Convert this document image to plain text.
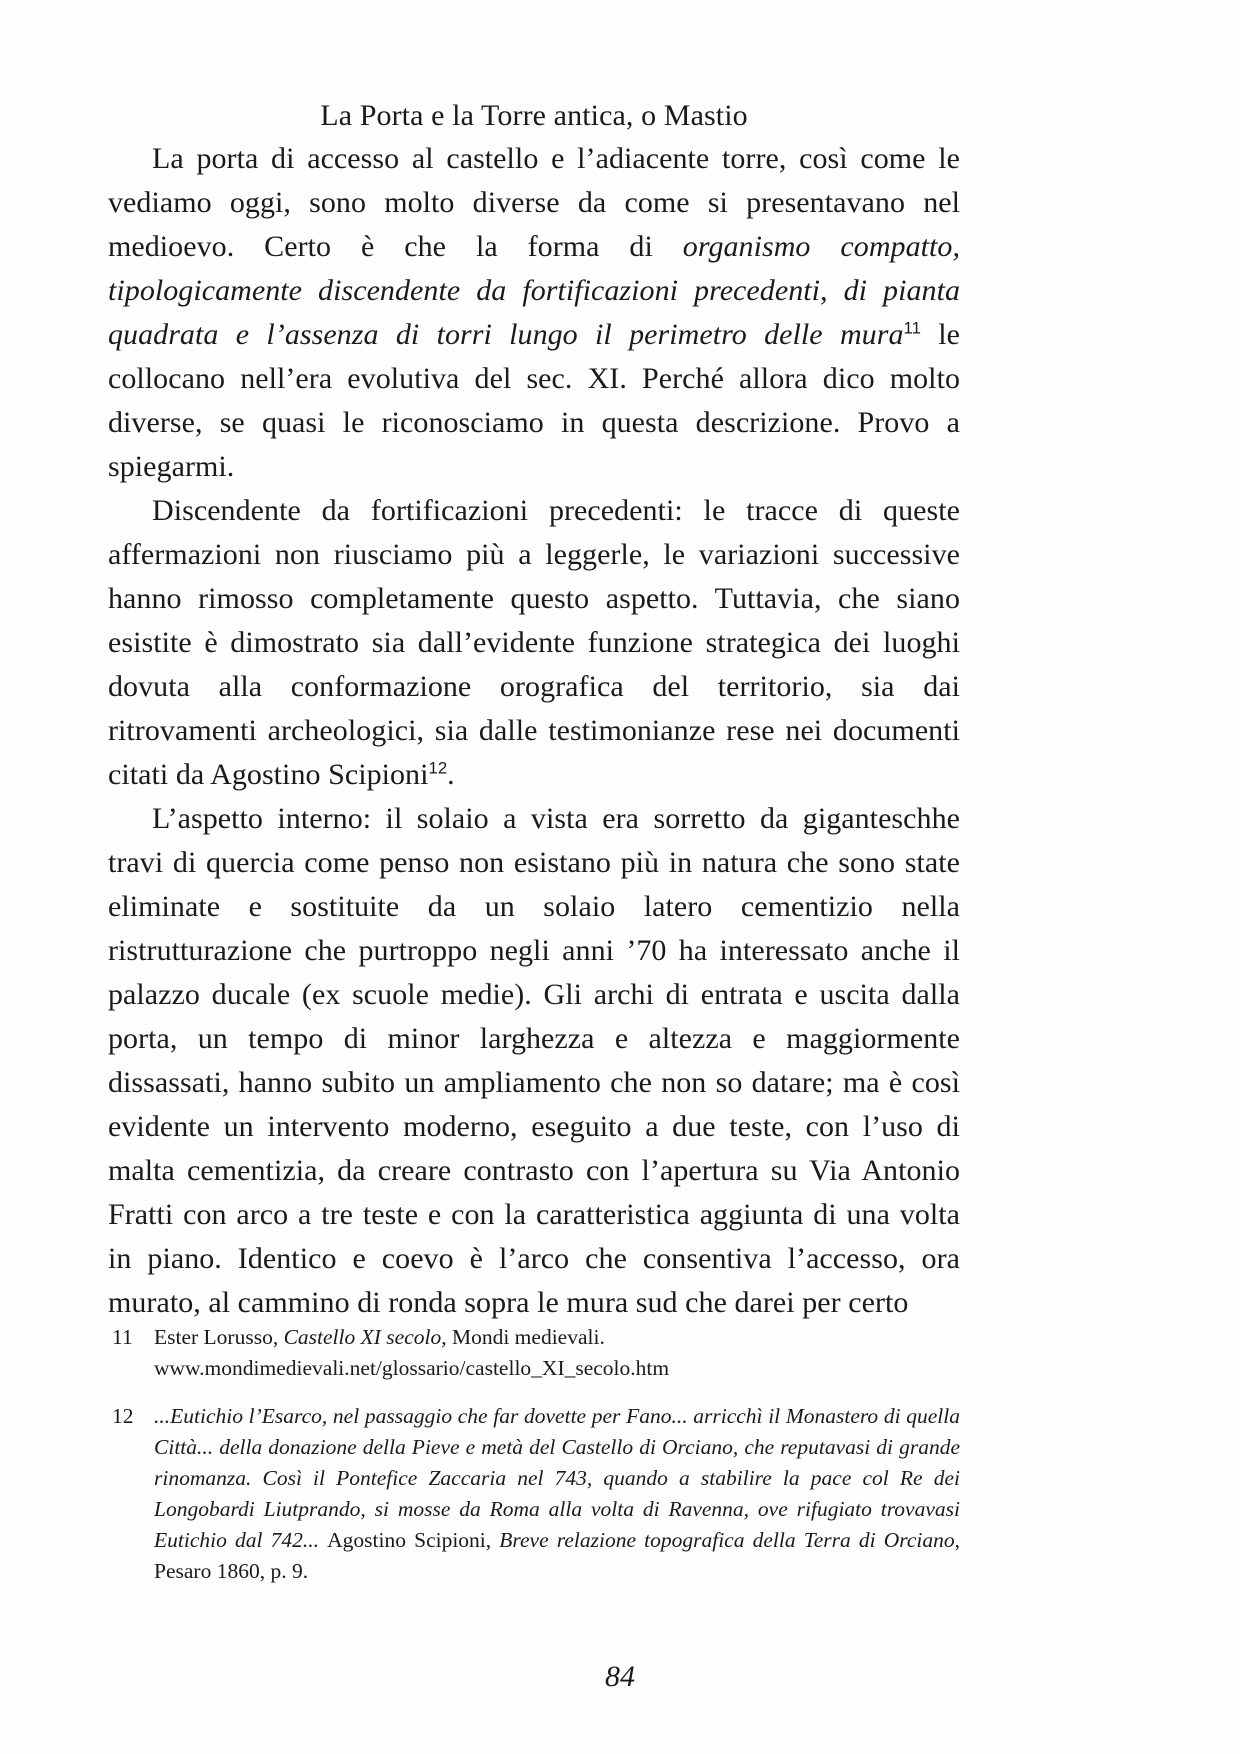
La Porta e la Torre antica, o Mastio

La porta di accesso al castello e l’adiacente torre, così come le vediamo oggi, sono molto diverse da come si presentavano nel medioevo. Certo è che la forma di organismo compatto, tipologicamente discendente da fortificazioni precedenti, di pianta quadrata e l’assenza di torri lungo il perimetro delle mura$^{11}$ le collocano nell’era evolutiva del sec. XI. Perché allora dico molto diverse, se quasi le riconosciamo in questa descrizione. Provo a spiegarmi.

Discendente da fortificazioni precedenti: le tracce di queste affermazioni non riusciamo più a leggerle, le variazioni successive hanno rimosso completamente questo aspetto. Tuttavia, che siano esistite è dimostrato sia dall’evidente funzione strategica dei luoghi dovuta alla conformazione orografica del territorio, sia dai ritrovamenti archeologici, sia dalle testimonianze rese nei documenti citati da Agostino Scipioni$^{12}$.

L’aspetto interno: il solaio a vista era sorretto da giganteschhe travi di quercia come penso non esistano più in natura che sono state eliminate e sostituite da un solaio latero cementizio nella ristrutturazione che purtroppo negli anni ’70 ha interessato anche il palazzo ducale (ex scuole medie). Gli archi di entrata e uscita dalla porta, un tempo di minor larghezza e altezza e maggiormente dissassati, hanno subito un ampliamento che non so datare; ma è così evidente un intervento moderno, eseguito a due teste, con l’uso di malta cementizia, da creare contrasto con l’apertura su Via Antonio Fratti con arco a tre teste e con la caratteristica aggiunta di una volta in piano. Identico e coevo è l’arco che consentiva l’accesso, ora murato, al cammino di ronda sopra le mura sud che darei per certo

11 Ester Lorusso, Castello XI secolo, Mondi medievali.
www.mondimedievali.net/glossario/castello_XI_secolo.htm
12 ...Eutichio l’Esarco, nel passaggio che far dovette per Fano... arricchì il Monastero di quella Città... della donazione della Pieve e metà del Castello di Orciano, che reputavasi di grande rinomanza. Così il Pontefice Zaccaria nel 743, quando a stabilire la pace col Re dei Longobardi Liutprando, si mosse da Roma alla volta di Ravenna, ove rifugiato trovavasi Eutichio dal 742... Agostino Scipioni, Breve relazione topografica della Terra di Orciano, Pesaro 1860, p. 9.
84
